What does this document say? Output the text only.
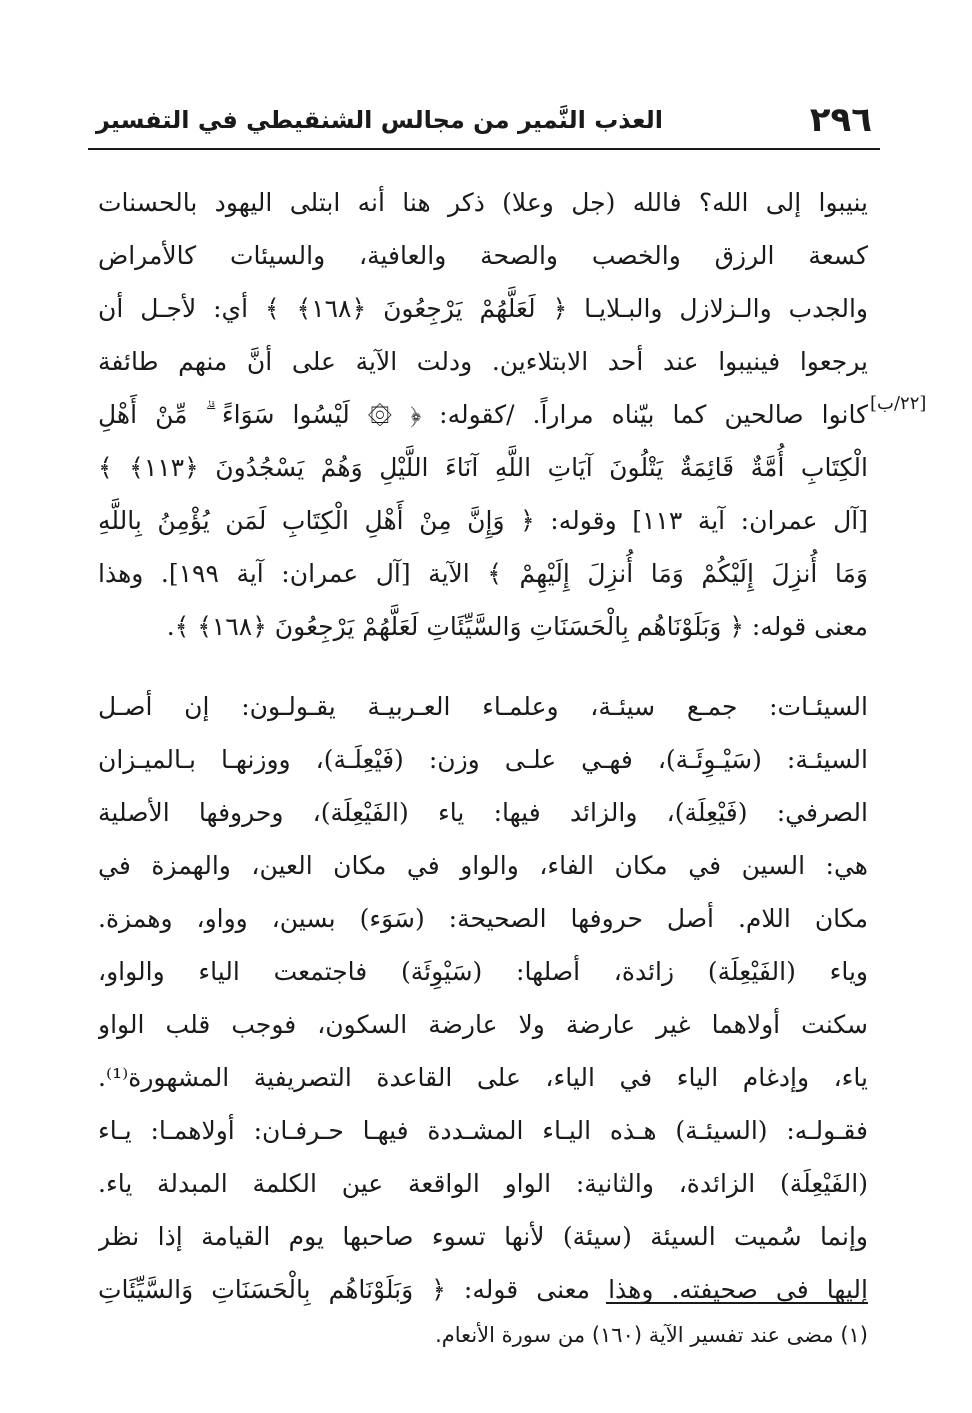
٢٩٦
العذب النَّمير من مجالس الشنقيطي في التفسير
[٢٢/ب]
ينيبوا إلى الله؟ فالله (جل وعلا) ذكر هنا أنه ابتلى اليهود بالحسنات
كسعة الرزق والخصب والصحة والعافية، والسيئات كالأمراض
والجدب والـزلازل والبـلايـا ﴿ لَعَلَّهُمْ يَرْجِعُونَ ﴿١٦٨﴾ ﴾ أي: لأجـل أن
يرجعوا فينيبوا عند أحد الابتلاءين. ودلت الآية على أنَّ منهم طائفة
كانوا صالحين كما بيّناه مراراً. /كقوله: ﴿ ۞ لَيْسُوا سَوَاءً ۗ مِّنْ أَهْلِ
الْكِتَابِ أُمَّةٌ قَائِمَةٌ يَتْلُونَ آيَاتِ اللَّهِ آنَاءَ اللَّيْلِ وَهُمْ يَسْجُدُونَ ﴿١١٣﴾ ﴾
[آل عمران: آية ١١٣] وقوله: ﴿ وَإِنَّ مِنْ أَهْلِ الْكِتَابِ لَمَن يُؤْمِنُ بِاللَّهِ
وَمَا أُنزِلَ إِلَيْكُمْ وَمَا أُنزِلَ إِلَيْهِمْ ﴾ الآية [آل عمران: آية ١٩٩]. وهذا
معنى قوله: ﴿ وَبَلَوْنَاهُم بِالْحَسَنَاتِ وَالسَّيِّئَاتِ لَعَلَّهُمْ يَرْجِعُونَ ﴿١٦٨﴾ ﴾.
السيئـات: جمـع سيئـة، وعلمـاء العـربيـة يقـولـون: إن أصـل
السيئـة: (سَيْـوِئَـة)، فهـي علـى وزن: (فَيْعِلَـة)، ووزنهـا بـالميـزان
الصرفي: (فَيْعِلَة)، والزائد فيها: ياء (الفَيْعِلَة)، وحروفها الأصلية
هي: السين في مكان الفاء، والواو في مكان العين، والهمزة في
مكان اللام. أصل حروفها الصحيحة: (سَوَء) بسين، وواو، وهمزة.
وياء (الفَيْعِلَة) زائدة، أصلها: (سَيْوِئَة) فاجتمعت الياء والواو،
سكنت أولاهما غير عارضة ولا عارضة السكون، فوجب قلب الواو
ياء، وإدغام الياء في الياء، على القاعدة التصريفية المشهورة⁽¹⁾.
فقـولـه: (السيئـة) هـذه اليـاء المشـددة فيهـا حـرفـان: أولاهمـا: يـاء
(الفَيْعِلَة) الزائدة، والثانية: الواو الواقعة عين الكلمة المبدلة ياء.
وإنما سُميت السيئة (سيئة) لأنها تسوء صاحبها يوم القيامة إذا نظر
إليها في صحيفته. وهذا معنى قوله: ﴿ وَبَلَوْنَاهُم بِالْحَسَنَاتِ وَالسَّيِّئَاتِ
(١) مضى عند تفسير الآية (١٦٠) من سورة الأنعام.
